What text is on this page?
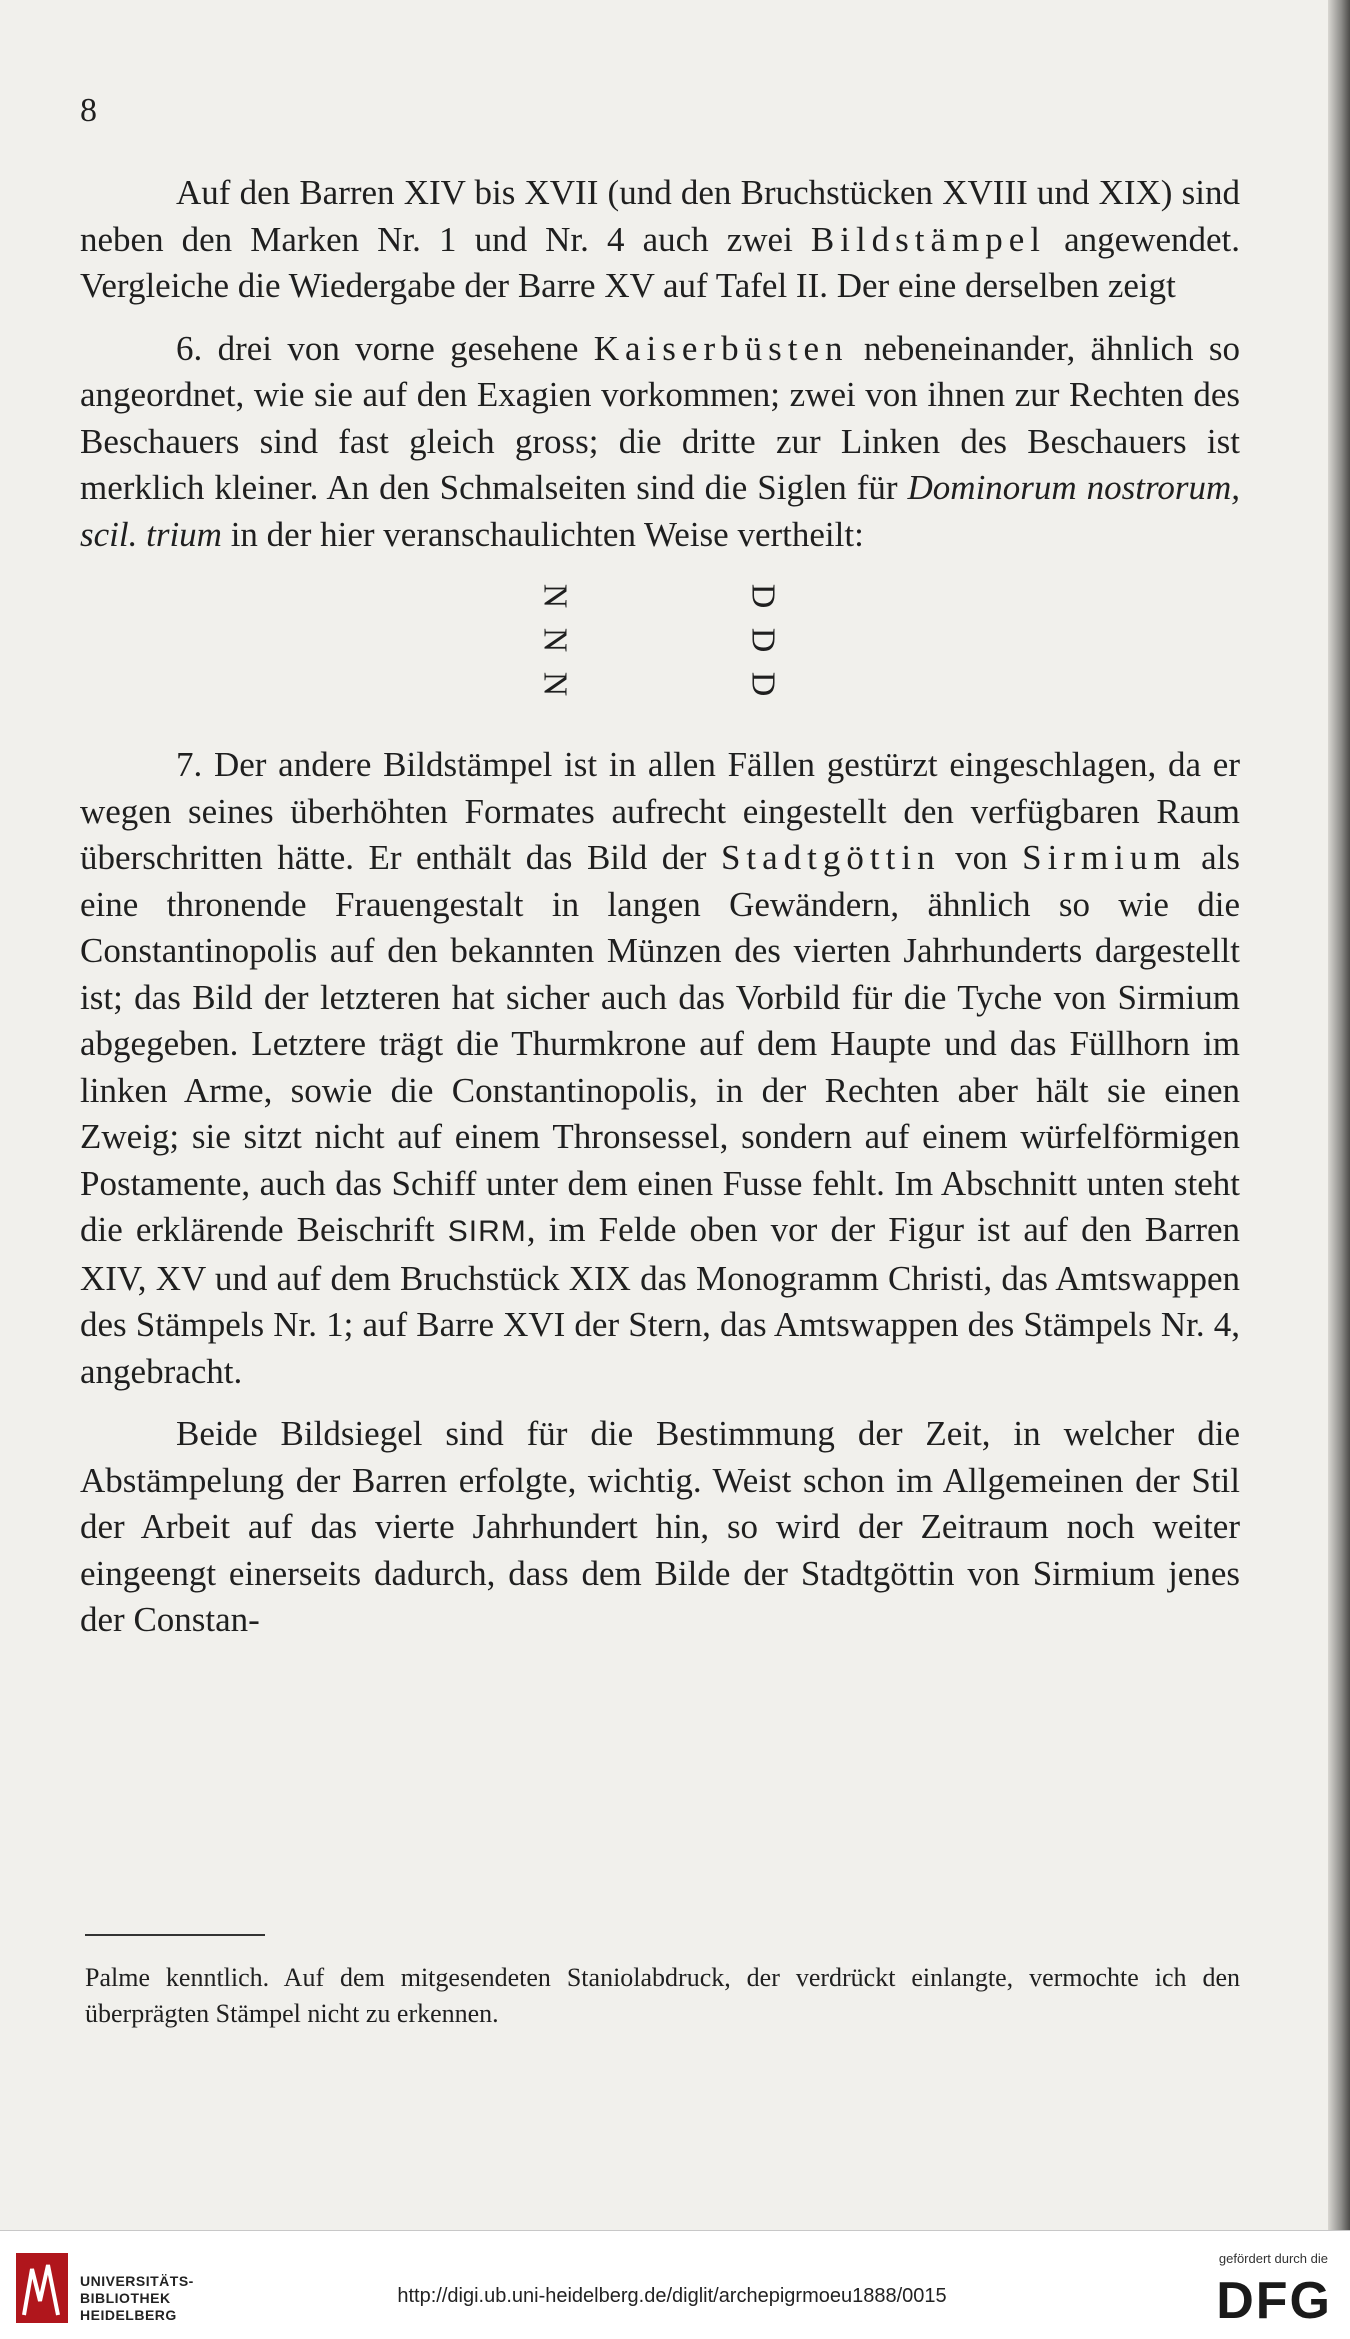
8

Auf den Barren XIV bis XVII (und den Bruchstücken XVIII und XIX) sind neben den Marken Nr. 1 und Nr. 4 auch zwei Bildstämpel angewendet. Vergleiche die Wiedergabe der Barre XV auf Tafel II. Der eine derselben zeigt

6. drei von vorne gesehene Kaiserbüsten nebeneinander, ähnlich so angeordnet, wie sie auf den Exagien vorkommen; zwei von ihnen zur Rechten des Beschauers sind fast gleich gross; die dritte zur Linken des Beschauers ist merklich kleiner. An den Schmalseiten sind die Siglen für Dominorum nostrorum, scil. trium in der hier veranschaulichten Weise vertheilt:

N
N
N
D
D
D

7. Der andere Bildstämpel ist in allen Fällen gestürzt eingeschlagen, da er wegen seines überhöhten Formates aufrecht eingestellt den verfügbaren Raum überschritten hätte. Er enthält das Bild der Stadtgöttin von Sirmium als eine thronende Frauengestalt in langen Gewändern, ähnlich so wie die Constantinopolis auf den bekannten Münzen des vierten Jahrhunderts dargestellt ist; das Bild der letzteren hat sicher auch das Vorbild für die Tyche von Sirmium abgegeben. Letztere trägt die Thurmkrone auf dem Haupte und das Füllhorn im linken Arme, sowie die Constantinopolis, in der Rechten aber hält sie einen Zweig; sie sitzt nicht auf einem Thronsessel, sondern auf einem würfelförmigen Postamente, auch das Schiff unter dem einen Fusse fehlt. Im Abschnitt unten steht die erklärende Beischrift SIRM, im Felde oben vor der Figur ist auf den Barren XIV, XV und auf dem Bruchstück XIX das Monogramm Christi, das Amtswappen des Stämpels Nr. 1; auf Barre XVI der Stern, das Amtswappen des Stämpels Nr. 4, angebracht.

Beide Bildsiegel sind für die Bestimmung der Zeit, in welcher die Abstämpelung der Barren erfolgte, wichtig. Weist schon im Allgemeinen der Stil der Arbeit auf das vierte Jahrhundert hin, so wird der Zeitraum noch weiter eingeengt einerseits dadurch, dass dem Bilde der Stadtgöttin von Sirmium jenes der Constan-

Palme kenntlich. Auf dem mitgesendeten Staniolabdruck, der verdrückt einlangte, vermochte ich den überprägten Stämpel nicht zu erkennen.
UNIVERSITÄTS-
BIBLIOTHEK
HEIDELBERG
http://digi.ub.uni-heidelberg.de/diglit/archepigrmoeu1888/0015
gefördert durch die
DFG
